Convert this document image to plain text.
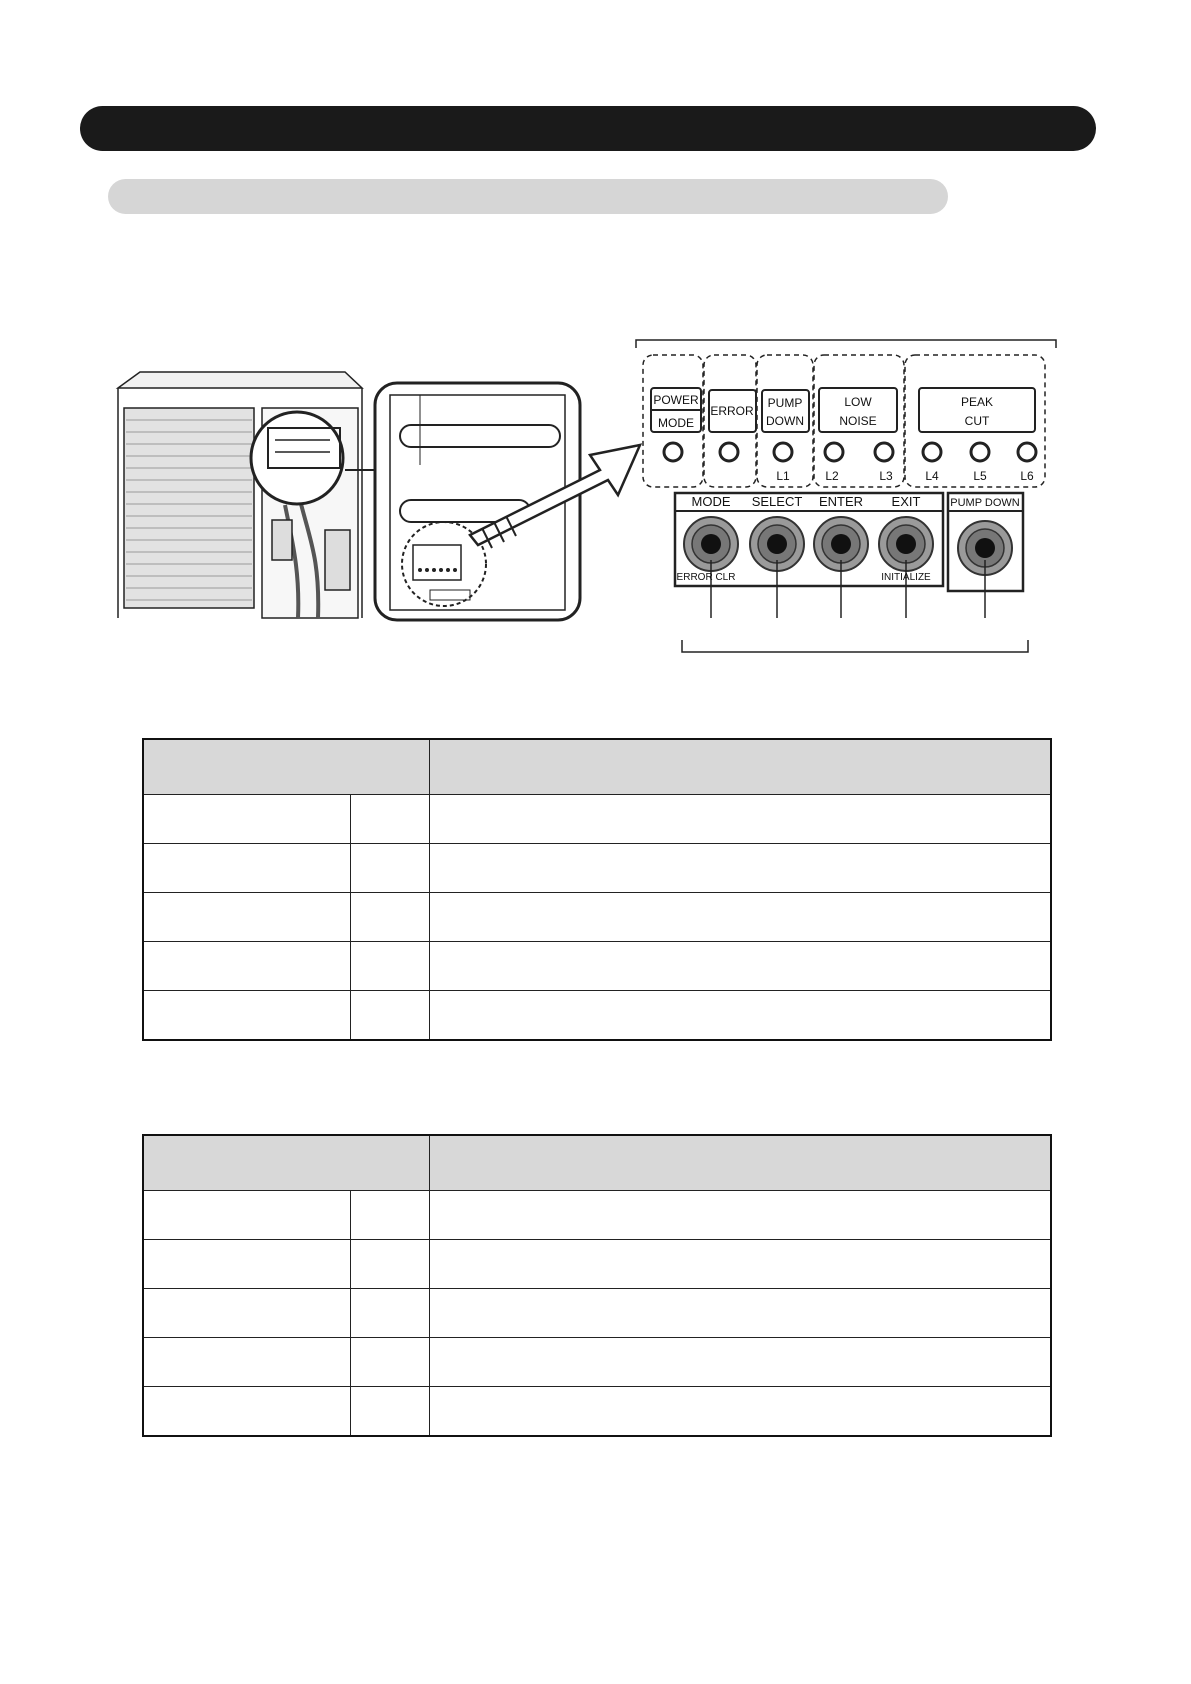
POWER
MODE
ERROR
PUMP
DOWN
LOW
NOISE
PEAK
CUT
L1	L2	L3	L4	L5	L6
MODE SELECT ENTER EXIT	PUMP DOWN
ERROR CLR	INITIALIZE
